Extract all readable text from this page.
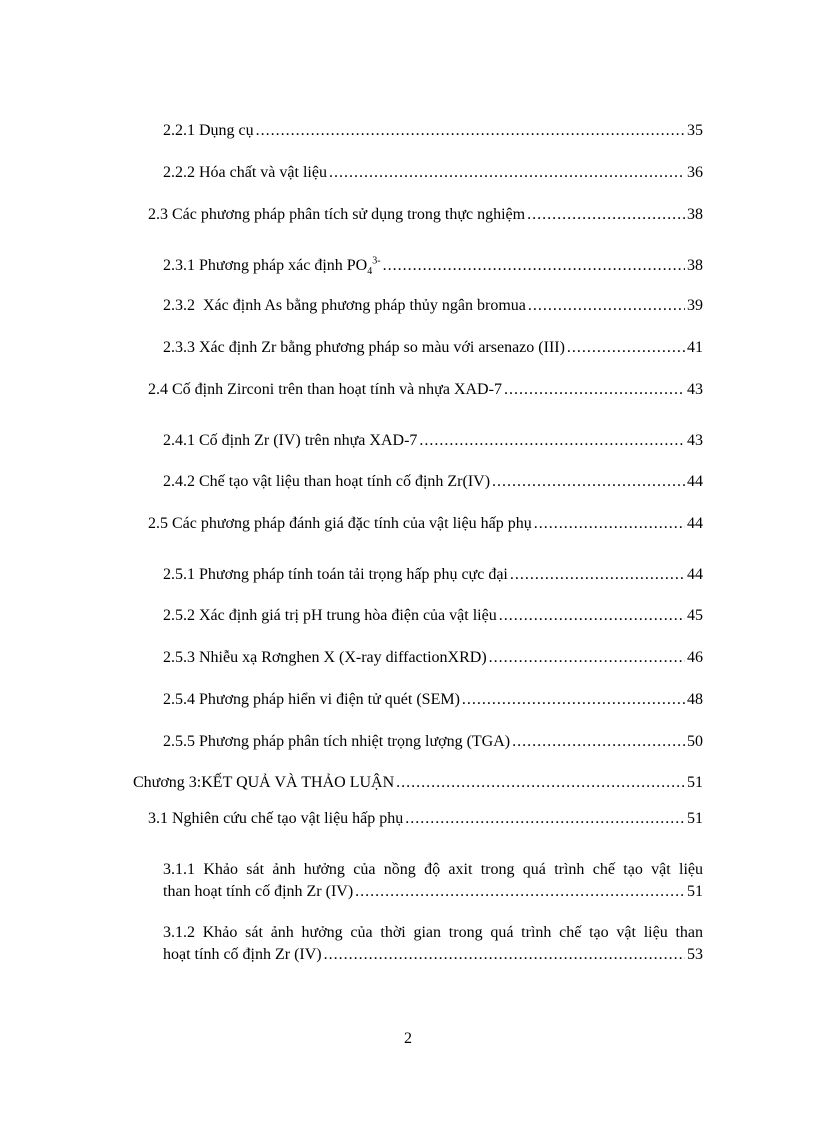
2.2.1 Dụng cụ . . .	35
2.2.2 Hóa chất và vật liệu . . .	36
2.3 Các phương pháp phân tích sử dụng trong thực nghiệm . . .	38
2.3.1 Phương pháp xác định $PO_4^{3-}$ . . .	38
2.3.2  Xác định As bằng phương pháp thủy ngân bromua . . .	39
2.3.3 Xác định Zr bằng phương pháp so màu với arsenazo (III) . . .	41
2.4 Cố định Zirconi trên than hoạt tính và nhựa XAD-7 . . .	43
2.4.1 Cố định Zr (IV) trên nhựa XAD-7 . . .	43
2.4.2 Chế tạo vật liệu than hoạt tính cố định Zr(IV) . . .	44
2.5 Các phương pháp đánh giá đặc tính của vật liệu hấp phụ . . .	44
2.5.1 Phương pháp tính toán tải trọng hấp phụ cực đại . . .	44
2.5.2 Xác định giá trị pH trung hòa điện của vật liệu . . .	45
2.5.3 Nhiễu xạ Rơnghen X (X-ray diffactionXRD) . . .	46
2.5.4 Phương pháp hiển vi điện tử quét (SEM) . . .	48
2.5.5 Phương pháp phân tích nhiệt trọng lượng (TGA) . . .	50
Chương 3:KẾT QUẢ VÀ THẢO LUẬN . . .	51
3.1 Nghiên cứu chế tạo vật liệu hấp phụ . . .	51
3.1.1 Khảo sát ảnh hưởng của nồng độ axit trong quá trình chế tạo vật liệu
than hoạt tính cố định Zr (IV) . . .	51
3.1.2 Khảo sát ảnh hưởng của thời gian trong quá trình chế tạo vật liệu than
hoạt tính cố định Zr (IV) . . .	53
2
